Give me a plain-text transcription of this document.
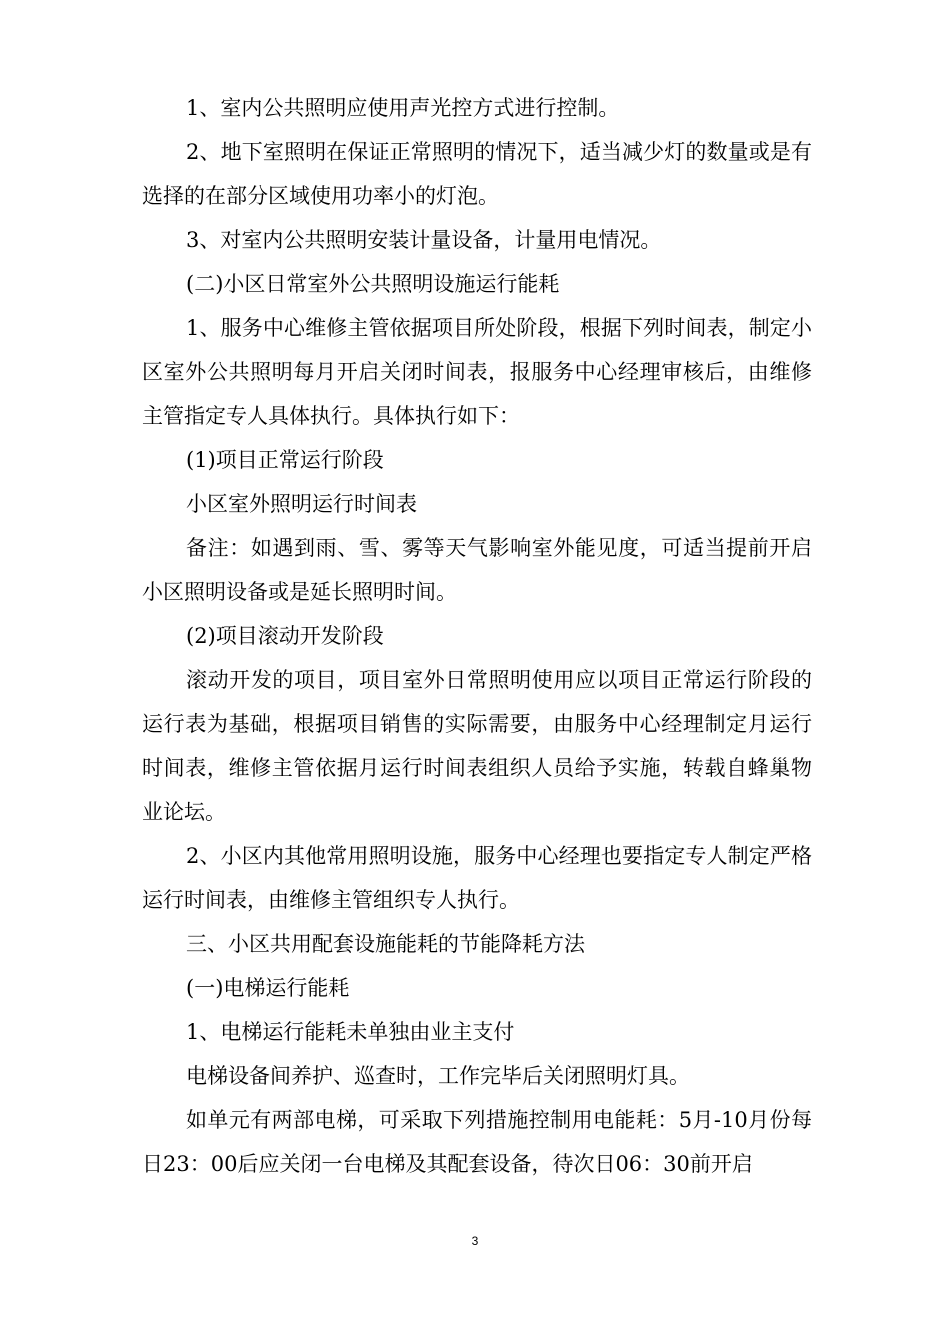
1、室内公共照明应使用声光控方式进行控制。

2、地下室照明在保证正常照明的情况下，适当减少灯的数量或是有选择的在部分区域使用功率小的灯泡。

3、对室内公共照明安装计量设备，计量用电情况。

(二)小区日常室外公共照明设施运行能耗

1、服务中心维修主管依据项目所处阶段，根据下列时间表，制定小区室外公共照明每月开启关闭时间表，报服务中心经理审核后，由维修主管指定专人具体执行。具体执行如下：

(1)项目正常运行阶段

小区室外照明运行时间表

备注：如遇到雨、雪、雾等天气影响室外能见度，可适当提前开启小区照明设备或是延长照明时间。

(2)项目滚动开发阶段

滚动开发的项目，项目室外日常照明使用应以项目正常运行阶段的运行表为基础，根据项目销售的实际需要，由服务中心经理制定月运行时间表，维修主管依据月运行时间表组织人员给予实施，转载自蜂巢物业论坛。

2、小区内其他常用照明设施，服务中心经理也要指定专人制定严格运行时间表，由维修主管组织专人执行。

三、小区共用配套设施能耗的节能降耗方法

(一)电梯运行能耗

1、电梯运行能耗未单独由业主支付

电梯设备间养护、巡查时，工作完毕后关闭照明灯具。

如单元有两部电梯，可采取下列措施控制用电能耗：5月-10月份每日23：00后应关闭一台电梯及其配套设备，待次日06：30前开启

3
